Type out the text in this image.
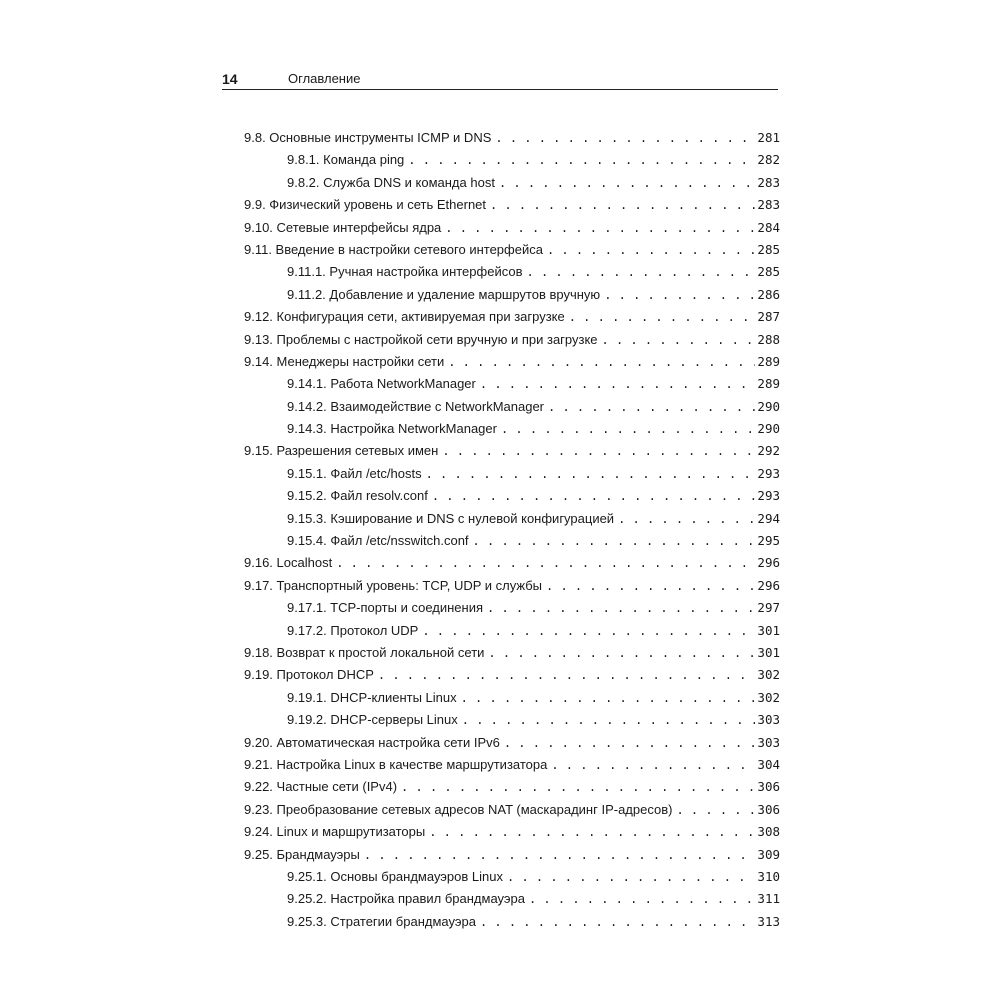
14	Оглавление
9.8. Основные инструменты ICMP и DNS . . .	281
9.8.1. Команда ping . . .	282
9.8.2. Служба DNS и команда host . . .	283
9.9. Физический уровень и сеть Ethernet . . .	283
9.10. Сетевые интерфейсы ядра . . .	284
9.11. Введение в настройки сетевого интерфейса . . .	285
9.11.1. Ручная настройка интерфейсов . . .	285
9.11.2. Добавление и удаление маршрутов вручную . . .	286
9.12. Конфигурация сети, активируемая при загрузке . . .	287
9.13. Проблемы с настройкой сети вручную и при загрузке . . .	288
9.14. Менеджеры настройки сети . . .	289
9.14.1. Работа NetworkManager . . .	289
9.14.2. Взаимодействие с NetworkManager . . .	290
9.14.3. Настройка NetworkManager . . .	290
9.15. Разрешения сетевых имен . . .	292
9.15.1. Файл /etc/hosts . . .	293
9.15.2. Файл resolv.conf . . .	293
9.15.3. Кэширование и DNS с нулевой конфигурацией . . .	294
9.15.4. Файл /etc/nsswitch.conf . . .	295
9.16. Localhost . . .	296
9.17. Транспортный уровень: TCP, UDP и службы . . .	296
9.17.1. TCP-порты и соединения . . .	297
9.17.2. Протокол UDP . . .	301
9.18. Возврат к простой локальной сети . . .	301
9.19. Протокол DHCP . . .	302
9.19.1. DHCP-клиенты Linux . . .	302
9.19.2. DHCP-серверы Linux . . .	303
9.20. Автоматическая настройка сети IPv6 . . .	303
9.21. Настройка Linux в качестве маршрутизатора . . .	304
9.22. Частные сети (IPv4) . . .	306
9.23. Преобразование сетевых адресов NAT (маскарадинг IP-адресов) . . .	306
9.24. Linux и маршрутизаторы . . .	308
9.25. Брандмауэры . . .	309
9.25.1. Основы брандмауэров Linux . . .	310
9.25.2. Настройка правил брандмауэра . . .	311
9.25.3. Стратегии брандмауэра . . .	313
